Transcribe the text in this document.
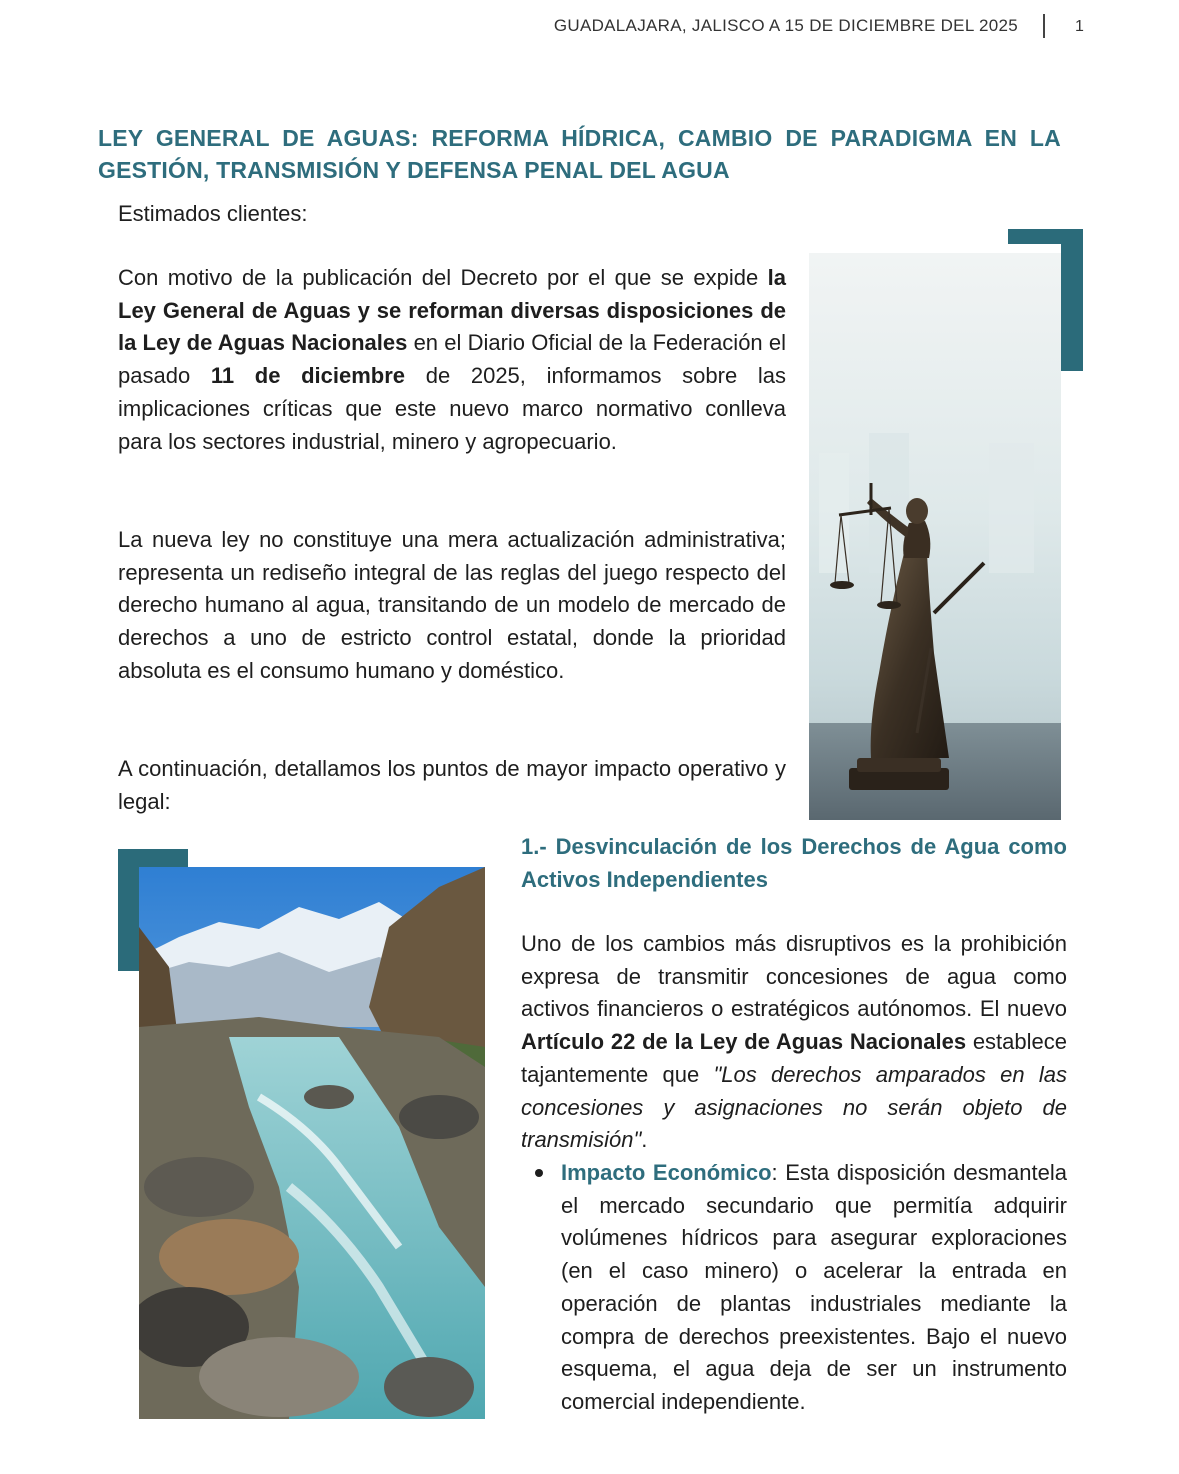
GUADALAJARA, JALISCO A 15 DE DICIEMBRE DEL 2025	1
LEY GENERAL DE AGUAS: REFORMA HÍDRICA, CAMBIO DE PARADIGMA EN LA GESTIÓN, TRANSMISIÓN Y DEFENSA PENAL DEL AGUA

Estimados clientes:

Con motivo de la publicación del Decreto por el que se expide la Ley General de Aguas y se reforman diversas disposiciones de la Ley de Aguas Nacionales en el Diario Oficial de la Federación el pasado 11 de diciembre de 2025, informamos sobre las implicaciones críticas que este nuevo marco normativo conlleva para los sectores industrial, minero y agropecuario.

La nueva ley no constituye una mera actualización administrativa; representa un rediseño integral de las reglas del juego respecto del derecho humano al agua, transitando de un modelo de mercado de derechos a uno de estricto control estatal, donde la prioridad absoluta es el consumo humano y doméstico.

A continuación, detallamos los puntos de mayor impacto operativo y legal:

1.- Desvinculación de los Derechos de Agua como Activos Independientes

Uno de los cambios más disruptivos es la prohibición expresa de transmitir concesiones de agua como activos financieros o estratégicos autónomos. El nuevo Artículo 22 de la Ley de Aguas Nacionales establece tajantemente que "Los derechos amparados en las concesiones y asignaciones no serán objeto de transmisión".

Impacto Económico: Esta disposición desmantela el mercado secundario que permitía adquirir volúmenes hídricos para asegurar exploraciones (en el caso minero) o acelerar la entrada en operación de plantas industriales mediante la compra de derechos preexistentes. Bajo el nuevo esquema, el agua deja de ser un instrumento comercial independiente.
